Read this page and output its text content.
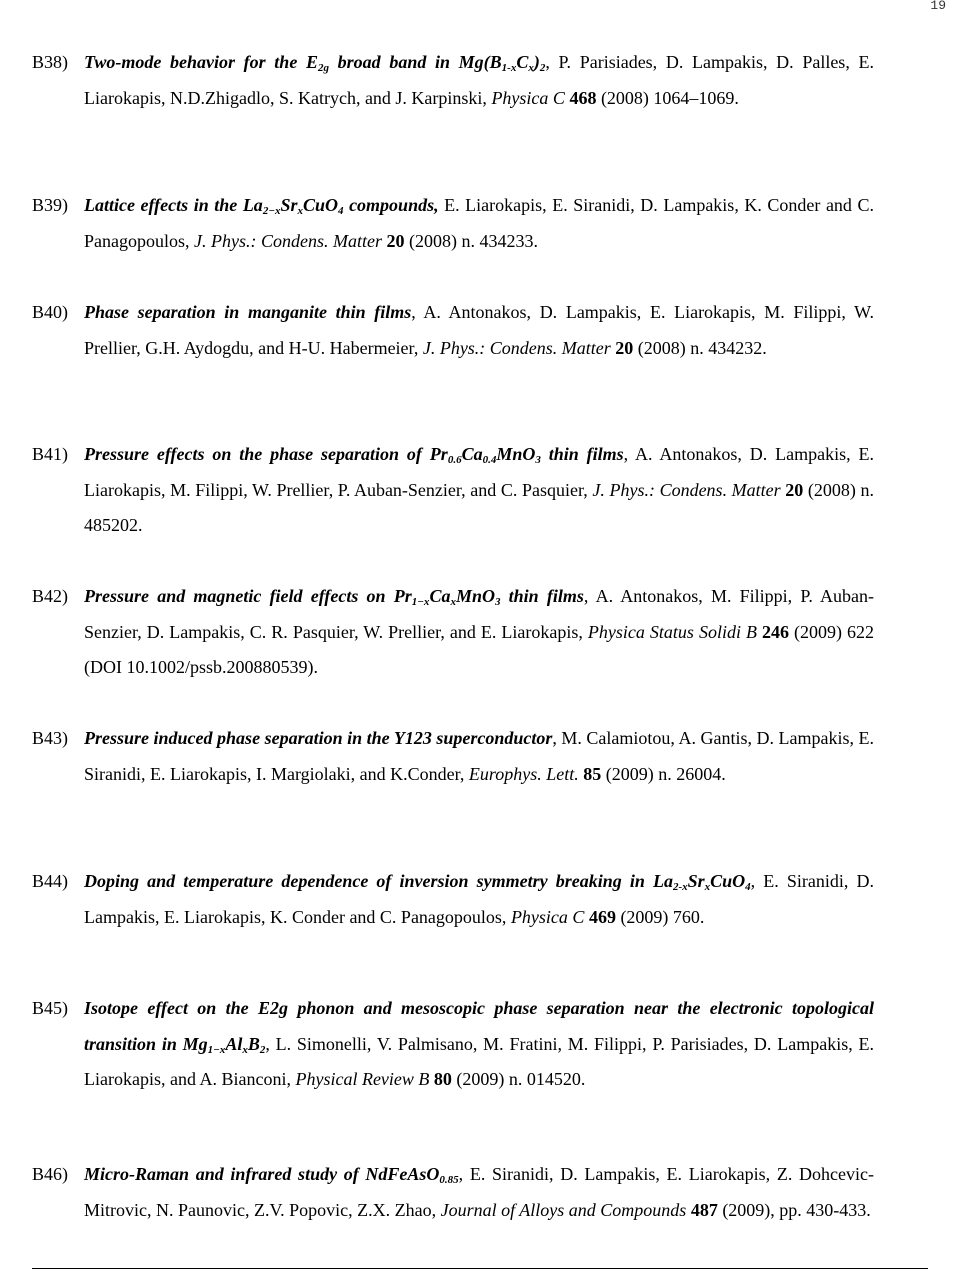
19
B38) Two-mode behavior for the $E_{2g}$ broad band in $Mg(B_{1-x}C_x)_2$, P. Parisiades, D. Lampakis, D. Palles, E. Liarokapis, N.D.Zhigadlo, S. Katrych, and J. Karpinski, Physica C 468 (2008) 1064–1069.
B39) Lattice effects in the $La_{2-x}Sr_xCuO_4$ compounds, E. Liarokapis, E. Siranidi, D. Lampakis, K. Conder and C. Panagopoulos, J. Phys.: Condens. Matter 20 (2008) n. 434233.
B40) Phase separation in manganite thin films, A. Antonakos, D. Lampakis, E. Liarokapis, M. Filippi, W. Prellier, G.H. Aydogdu, and H-U. Habermeier, J. Phys.: Condens. Matter 20 (2008) n. 434232.
B41) Pressure effects on the phase separation of $Pr_{0.6}Ca_{0.4}MnO_3$ thin films, A. Antonakos, D. Lampakis, E. Liarokapis, M. Filippi, W. Prellier, P. Auban-Senzier, and C. Pasquier, J. Phys.: Condens. Matter 20 (2008) n. 485202.
B42) Pressure and magnetic field effects on $Pr_{1-x}Ca_xMnO_3$ thin films, A. Antonakos, M. Filippi, P. Auban-Senzier, D. Lampakis, C. R. Pasquier, W. Prellier, and E. Liarokapis, Physica Status Solidi B 246 (2009) 622 (DOI 10.1002/pssb.200880539).
B43) Pressure induced phase separation in the Y123 superconductor, M. Calamiotou, A. Gantis, D. Lampakis, E. Siranidi, E. Liarokapis, I. Margiolaki, and K.Conder, Europhys. Lett. 85 (2009) n. 26004.
B44) Doping and temperature dependence of inversion symmetry breaking in $La_{2-x}Sr_xCuO_4$, E. Siranidi, D. Lampakis, E. Liarokapis, K. Conder and C. Panagopoulos, Physica C 469 (2009) 760.
B45) Isotope effect on the E2g phonon and mesoscopic phase separation near the electronic topological transition in $Mg_{1-x}Al_xB_2$, L. Simonelli, V. Palmisano, M. Fratini, M. Filippi, P. Parisiades, D. Lampakis, E. Liarokapis, and A. Bianconi, Physical Review B 80 (2009) n. 014520.
B46) Micro-Raman and infrared study of NdFeAsO$_{0.85}$, E. Siranidi, D. Lampakis, E. Liarokapis, Z. Dohcevic-Mitrovic, N. Paunovic, Z.V. Popovic, Z.X. Zhao, Journal of Alloys and Compounds 487 (2009), pp. 430-433.
